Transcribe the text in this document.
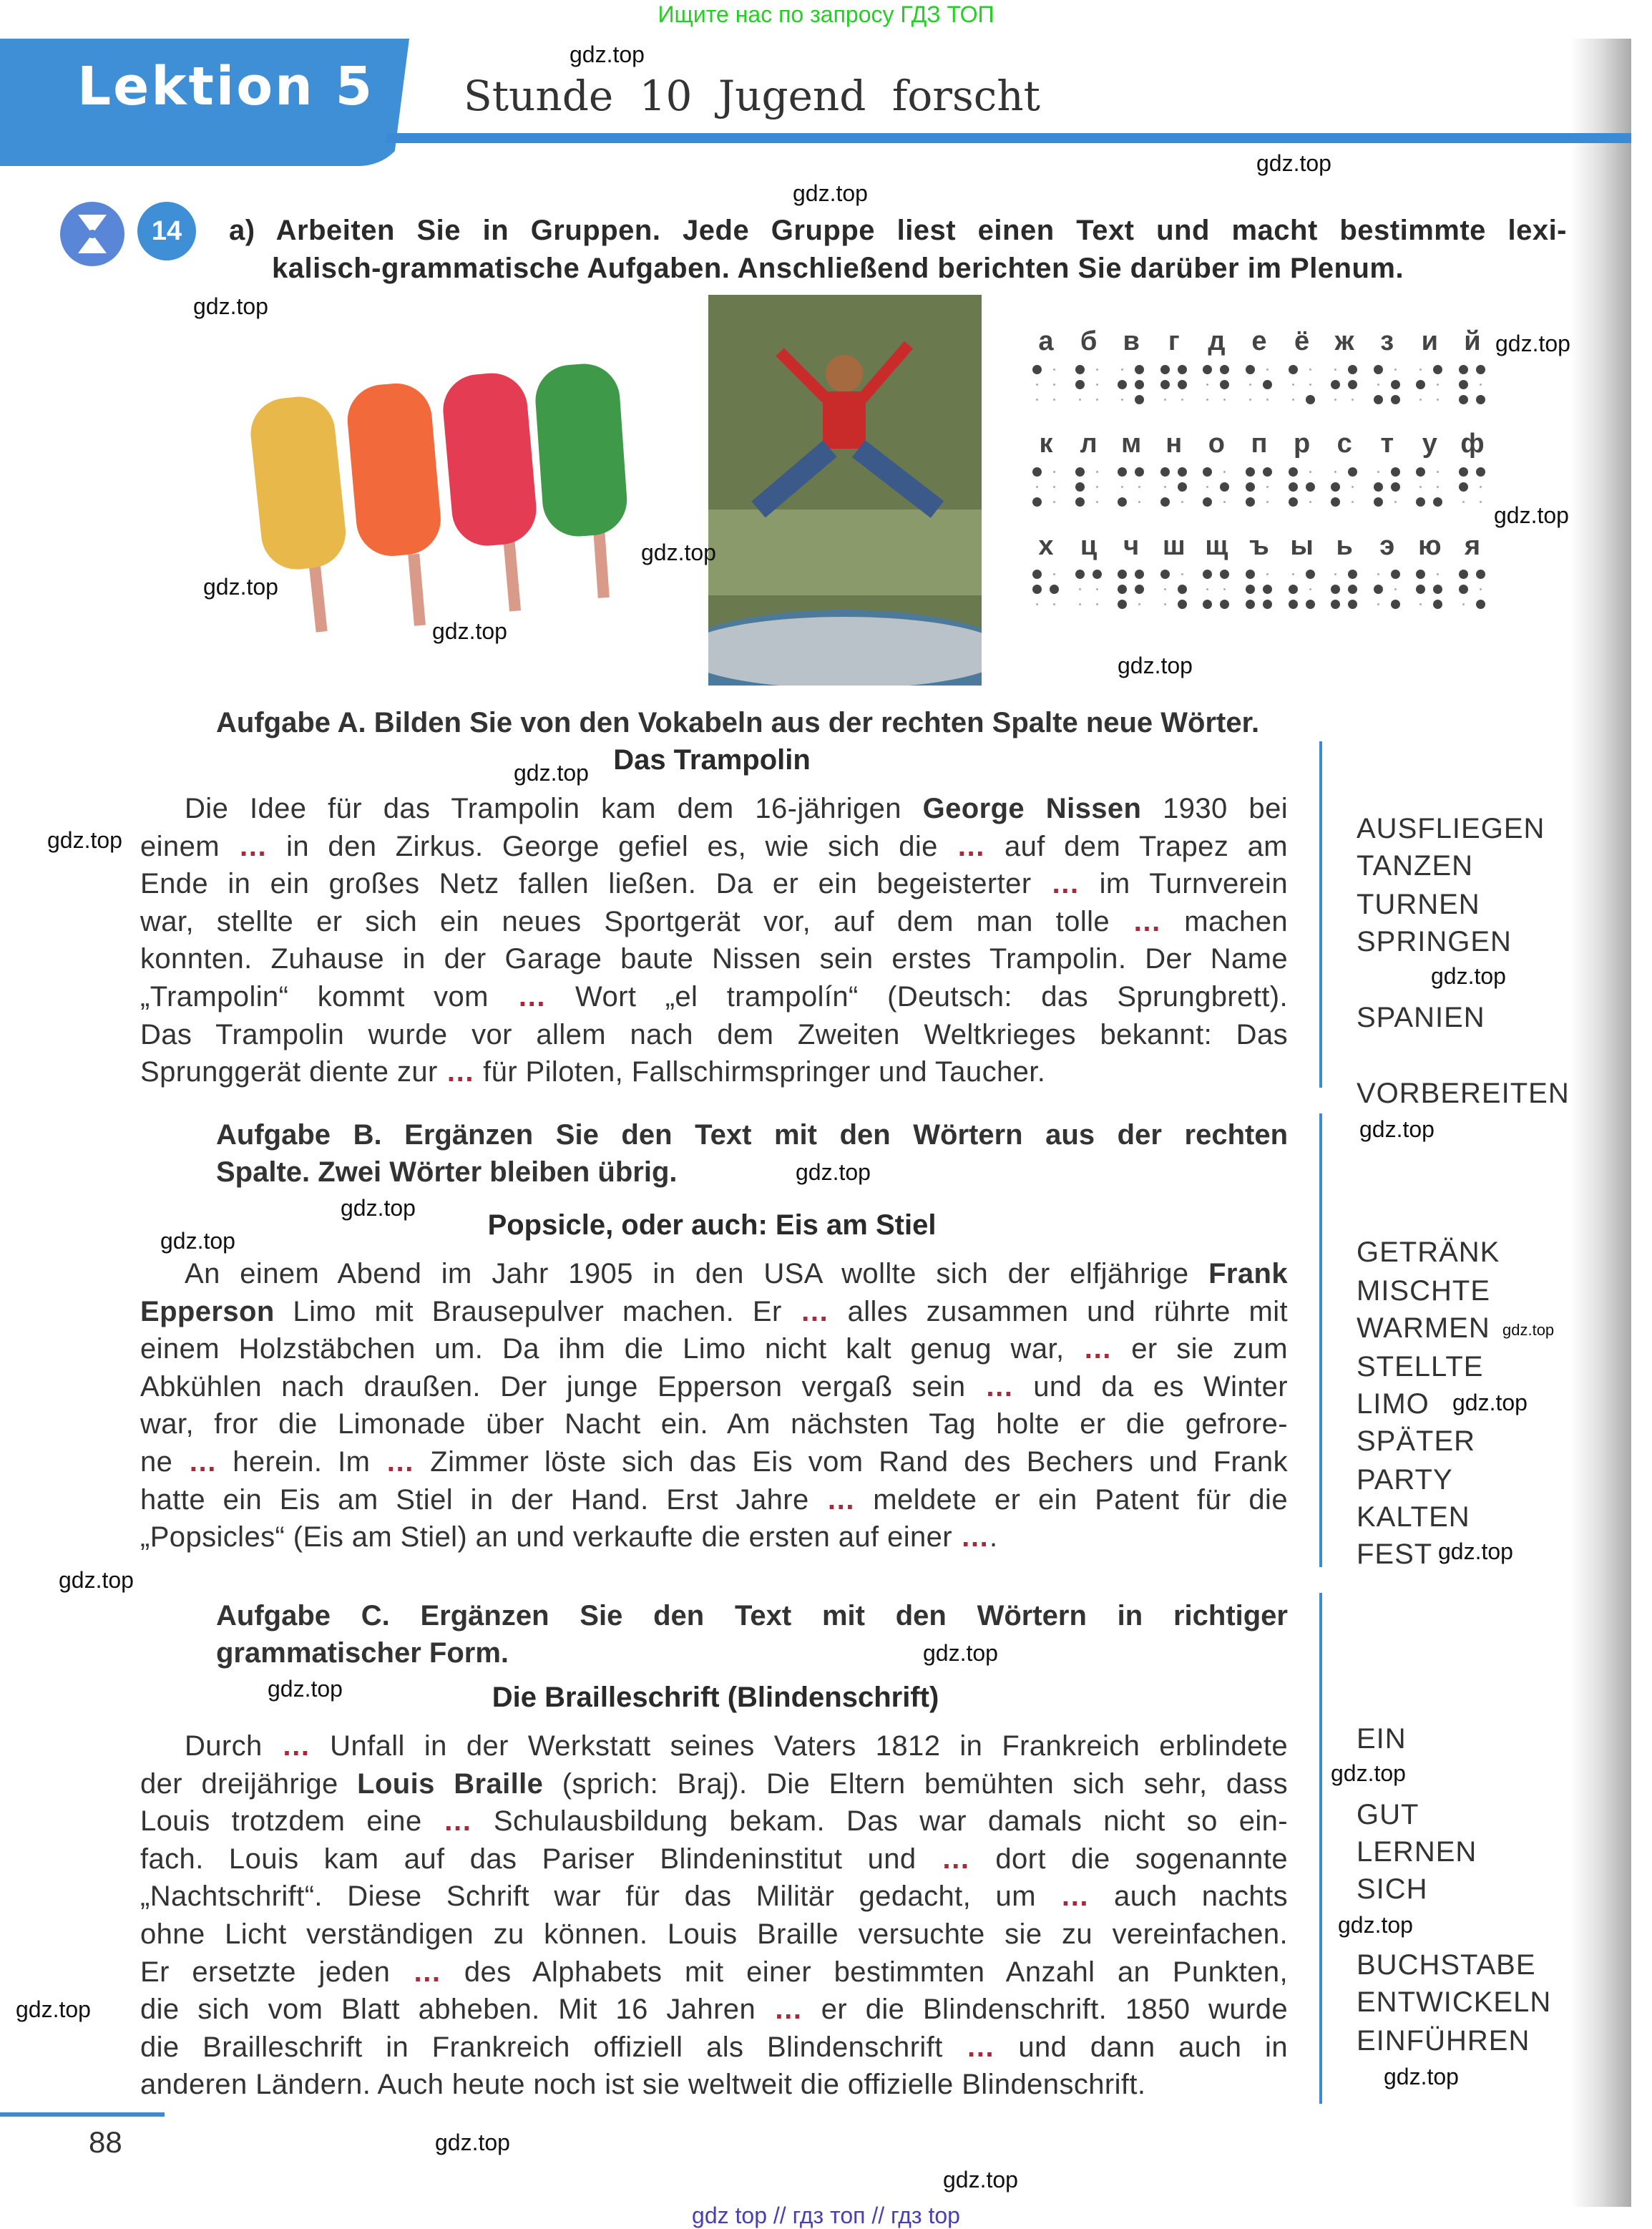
Ищите нас по запросу ГДЗ ТОП
Lektion 5 Stunde 10 Jugend forscht
14	a) Arbeiten Sie in Gruppen. Jede Gruppe liest einen Text und macht bestimmte lexi-
kalisch-grammatische Aufgaben. Anschließend berichten Sie darüber im Plenum.
а б в	г	д е	ё ж з	и й
к	л м н о п р с	т	у ф
х ц ч ш щ ъ ы ь э ю я
Aufgabe A. Bilden Sie von den Vokabeln aus der rechten Spalte neue Wörter.
Das Trampolin
Die Idee für das Trampolin kam dem 16-jährigen George Nissen 1930 bei
einem … in den Zirkus. George gefiel es, wie sich die … auf dem Trapez am
Ende in ein großes Netz fallen ließen. Da er ein begeisterter … im Turnverein
war, stellte er sich ein neues Sportgerät vor, auf dem man tolle … machen
konnten. Zuhause in der Garage baute Nissen sein erstes Trampolin. Der Name
„Trampolin“ kommt vom … Wort „el trampolín“ (Deutsch: das Sprungbrett).
Das Trampolin wurde vor allem nach dem Zweiten Weltkrieges bekannt: Das
Sprunggerät diente zur … für Piloten, Fallschirmspringer und Taucher.
Aufgabe B. Ergänzen Sie den Text mit den Wörtern aus der rechten
Spalte. Zwei Wörter bleiben übrig.
Popsicle, oder auch: Eis am Stiel
An einem Abend im Jahr 1905 in den USA wollte sich der elfjährige Frank
Epperson Limo mit Brausepulver machen. Er … alles zusammen und rührte mit
einem Holzstäbchen um. Da ihm die Limo nicht kalt genug war, … er sie zum
Abkühlen nach draußen. Der junge Epperson vergaß sein … und da es Winter
war, fror die Limonade über Nacht ein. Am nächsten Tag holte er die gefrore-
ne … herein. Im … Zimmer löste sich das Eis vom Rand des Bechers und Frank
hatte ein Eis am Stiel in der Hand. Erst Jahre … meldete er ein Patent für die
„Popsicles“ (Eis am Stiel) an und verkaufte die ersten auf einer ….
Aufgabe C. Ergänzen Sie den Text mit den Wörtern in richtiger
grammatischer Form.
Die Brailleschrift (Blindenschrift)
Durch … Unfall in der Werkstatt seines Vaters 1812 in Frankreich erblindete
der dreijährige Louis Braille (sprich: Braj). Die Eltern bemühten sich sehr, dass
Louis trotzdem eine … Schulausbildung bekam. Das war damals nicht so ein-
fach. Louis kam auf das Pariser Blindeninstitut und … dort die sogenannte
„Nachtschrift“. Diese Schrift war für das Militär gedacht, um … auch nachts
ohne Licht verständigen zu können. Louis Braille versuchte sie zu vereinfachen.
Er ersetzte jeden … des Alphabets mit einer bestimmten Anzahl an Punkten,
die sich vom Blatt abheben. Mit 16 Jahren … er die Blindenschrift. 1850 wurde
die Brailleschrift in Frankreich offiziell als Blindenschrift … und dann auch in
anderen Ländern. Auch heute noch ist sie weltweit die offizielle Blindenschrift.
88
gdz top // гдз топ // гдз top
gdz.top
gdz.top
gdz.top
gdz.top
gdz.top
gdz.top
gdz.top
gdz.top
gdz.top
gdz.top
gdz.top
gdz.top
gdz.top
gdz.top
gdz.top
gdz.top
gdz.top
gdz.top
gdz.top
gdz.top
gdz.top
gdz.top
gdz.top
gdz.top
gdz.top
gdz.top
gdz.top
gdz.top
gdz.top
AUSFLIEGEN
TANZEN
TURNEN
SPRINGEN
SPANIEN
VORBEREITEN
GETRÄNK
MISCHTE
WARMEN
STELLTE
LIMO
SPÄTER
PARTY
KALTEN
FEST
EIN
GUT
LERNEN
SICH
BUCHSTABE
ENTWICKELN
EINFÜHREN
